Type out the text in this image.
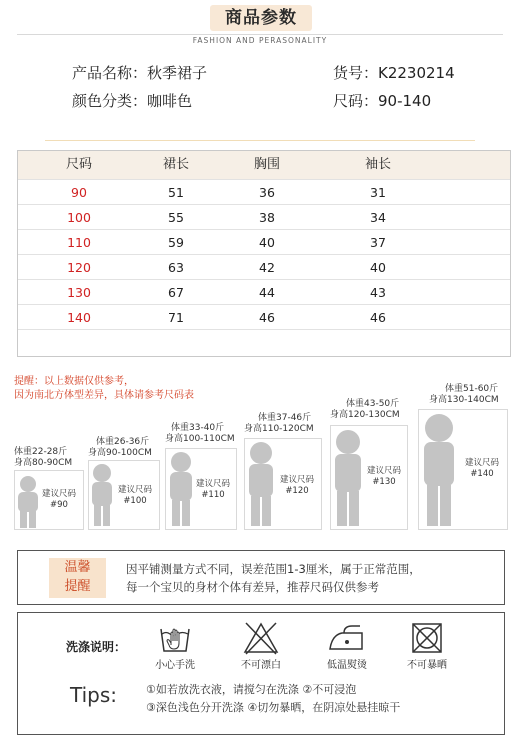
商品参数
FASHION AND PERASONALITY
产品名称：秋季裙子
颜色分类：咖啡色
货号：K2230214
尺码：90-140
尺码	裙长	胸围	袖长
90	51	36	31
100	55	38	34
110	59	40	37
120	63	42	40
130	67	44	43
140	71	46	46
提醒：以上数据仅供参考，
因为南北方体型差异，具体请参考尺码表
体重22-28斤
身高80-90CM
建议尺码
#90
体重26-36斤
身高90-100CM
建议尺码
#100
体重33-40斤
身高100-110CM
建议尺码
#110
体重37-46斤
身高110-120CM
建议尺码
#120
体重43-50斤
身高120-130CM
建议尺码
#130
体重51-60斤
身高130-140CM
建议尺码
#140
温馨
提醒
因平铺测量方式不同，误差范围1-3厘米，属于正常范围，
每一个宝贝的身材个体有差异，推荐尺码仅供参考
洗涤说明：
小心手洗	不可漂白	低温熨烫	不可暴晒
Tips:	①如若放洗衣液，请搅匀在洗涤 ②不可浸泡
③深色浅色分开洗涤 ④切勿暴晒，在阴凉处悬挂晾干
